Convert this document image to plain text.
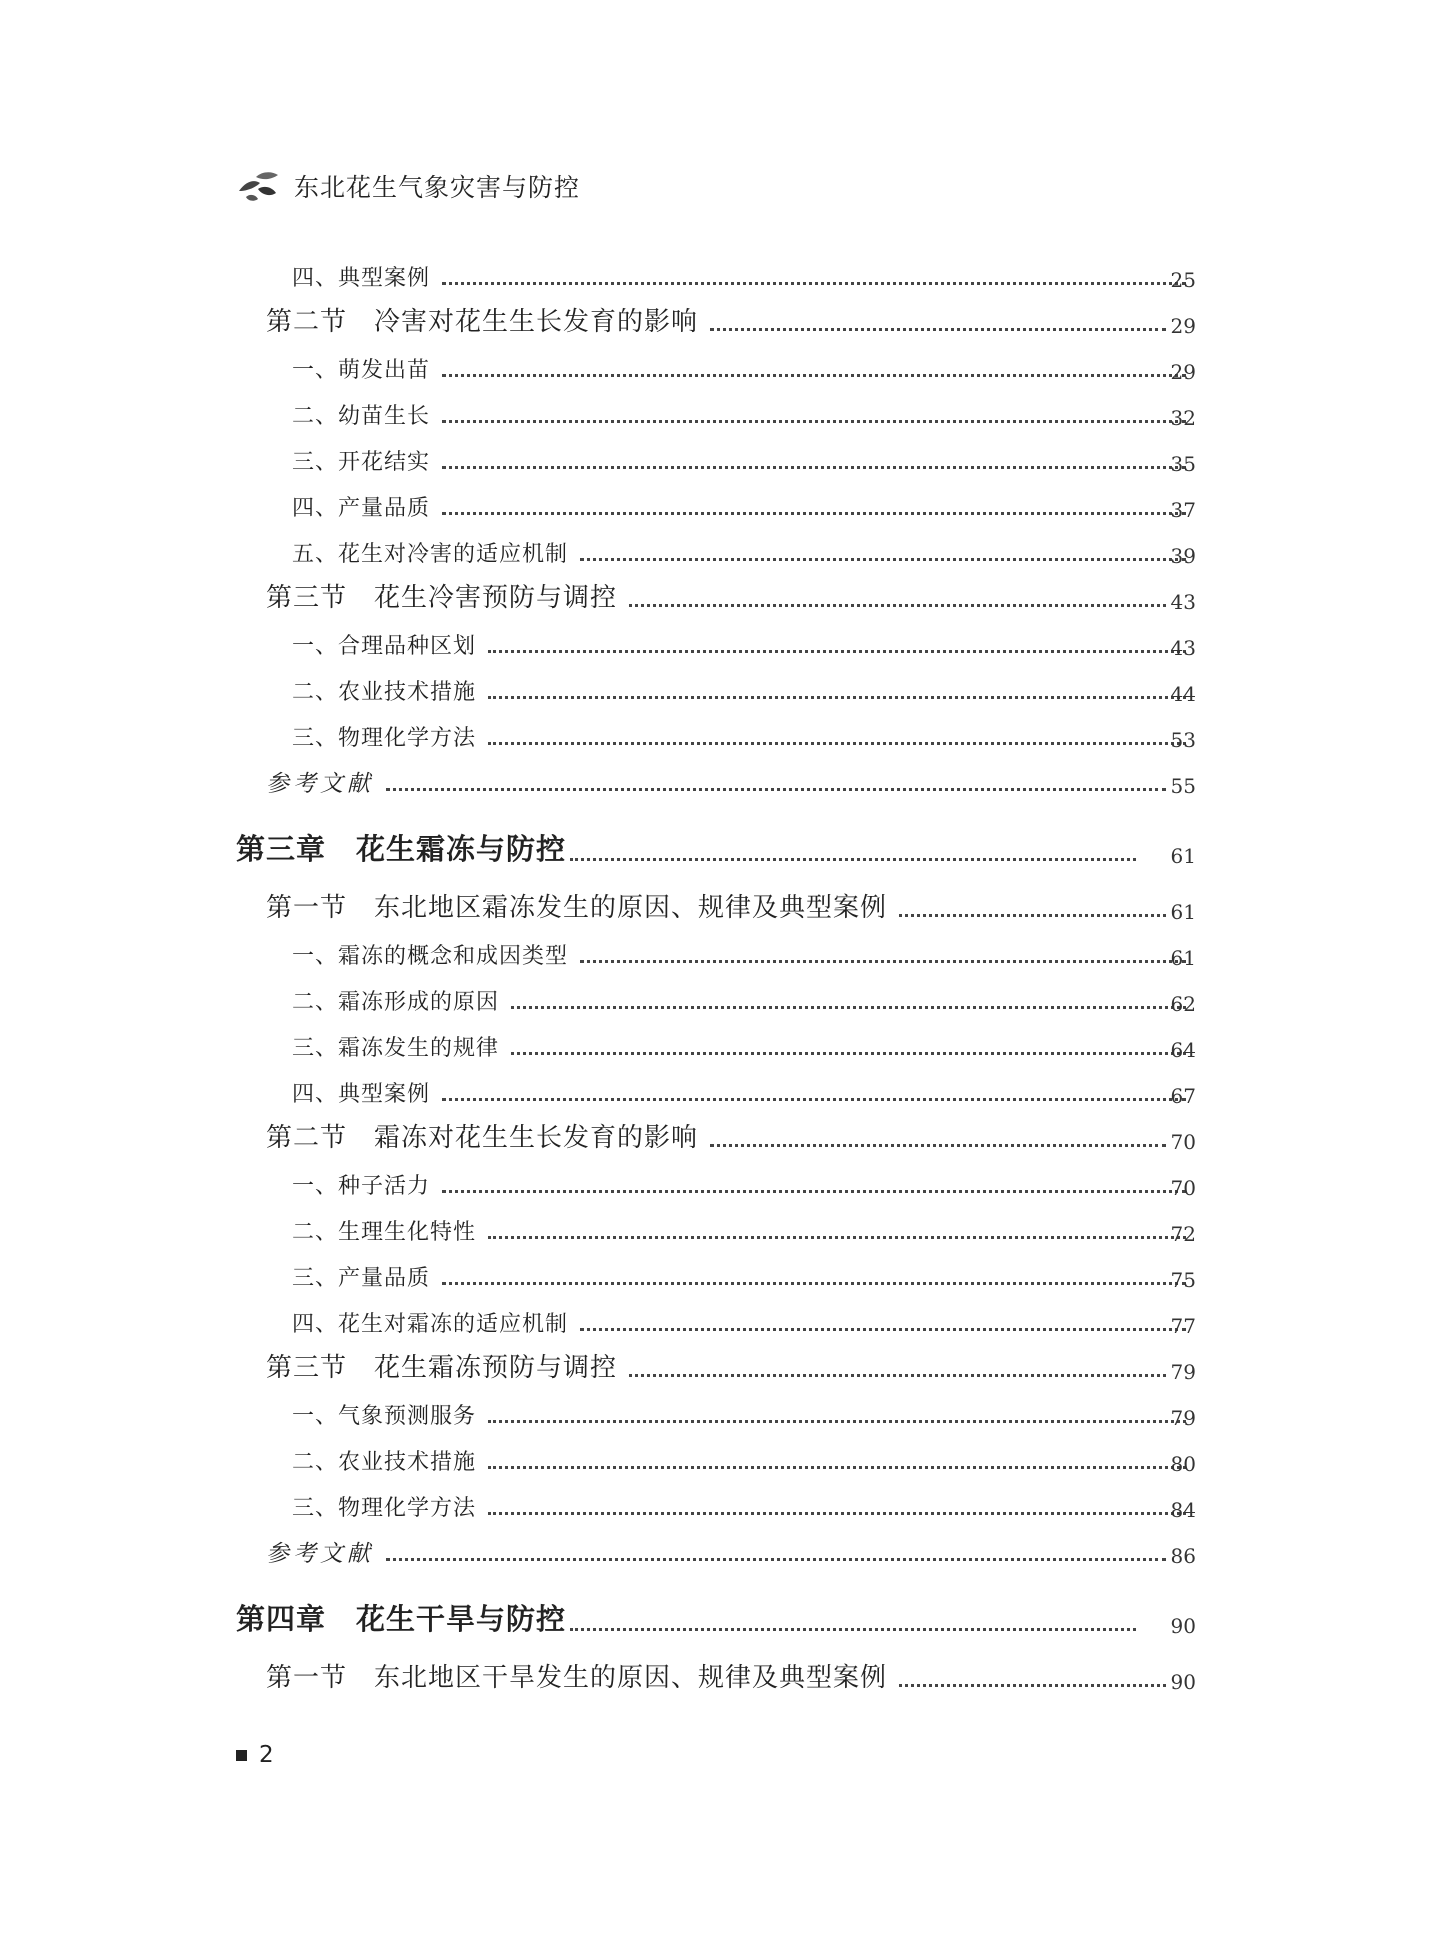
东北花生气象灾害与防控
四、典型案例	25
第二节　冷害对花生生长发育的影响	29
一、萌发出苗	29
二、幼苗生长	32
三、开花结实	35
四、产量品质	37
五、花生对冷害的适应机制	39
第三节　花生冷害预防与调控	43
一、合理品种区划	43
二、农业技术措施	44
三、物理化学方法	53
参考文献	55
第三章　花生霜冻与防控	61
第一节　东北地区霜冻发生的原因、规律及典型案例	61
一、霜冻的概念和成因类型	61
二、霜冻形成的原因	62
三、霜冻发生的规律	64
四、典型案例	67
第二节　霜冻对花生生长发育的影响	70
一、种子活力	70
二、生理生化特性	72
三、产量品质	75
四、花生对霜冻的适应机制	77
第三节　花生霜冻预防与调控	79
一、气象预测服务	79
二、农业技术措施	80
三、物理化学方法	84
参考文献	86
第四章　花生干旱与防控	90
第一节　东北地区干旱发生的原因、规律及典型案例	90
2
